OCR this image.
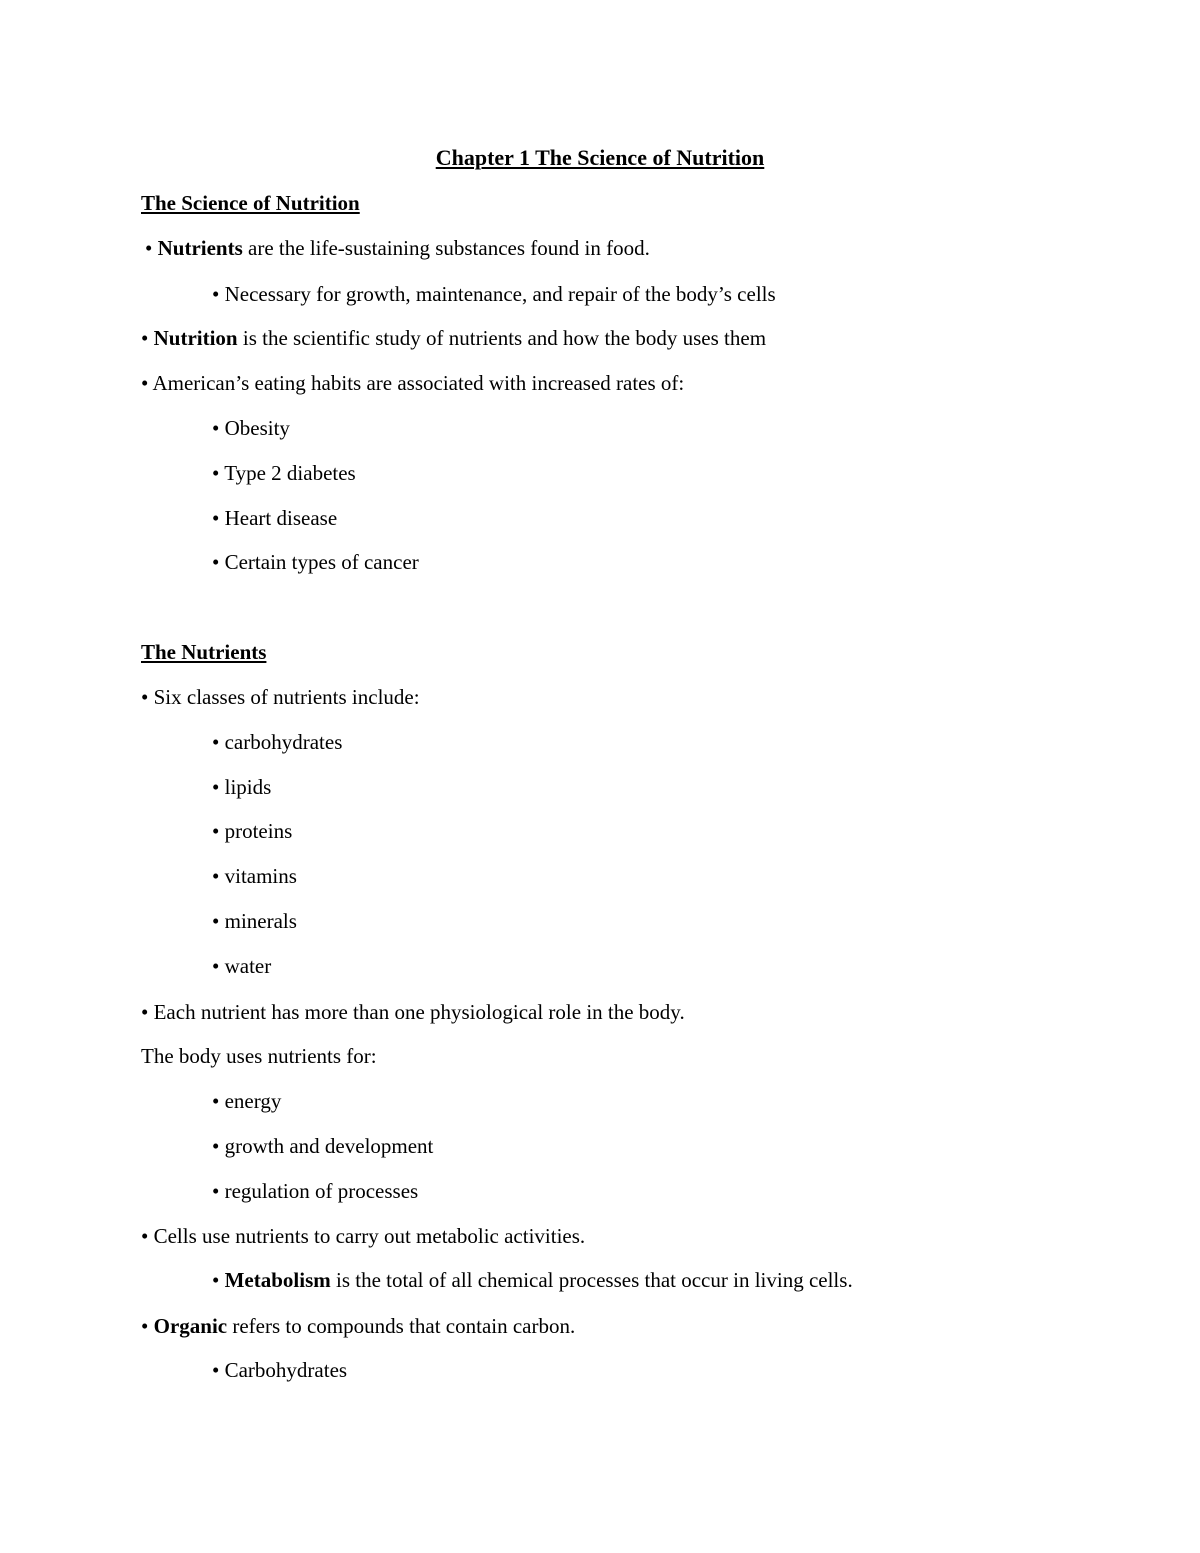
Chapter 1 The Science of Nutrition
The Science of Nutrition
• Nutrients are the life-sustaining substances found in food.
• Necessary for growth, maintenance, and repair of the body’s cells
• Nutrition is the scientific study of nutrients and how the body uses them
• American’s eating habits are associated with increased rates of:
• Obesity
• Type 2 diabetes
• Heart disease
• Certain types of cancer
The Nutrients
• Six classes of nutrients include:
• carbohydrates
• lipids
• proteins
• vitamins
• minerals
• water
• Each nutrient has more than one physiological role in the body.
The body uses nutrients for:
• energy
• growth and development
• regulation of processes
• Cells use nutrients to carry out metabolic activities.
• Metabolism is the total of all chemical processes that occur in living cells.
• Organic refers to compounds that contain carbon.
• Carbohydrates
